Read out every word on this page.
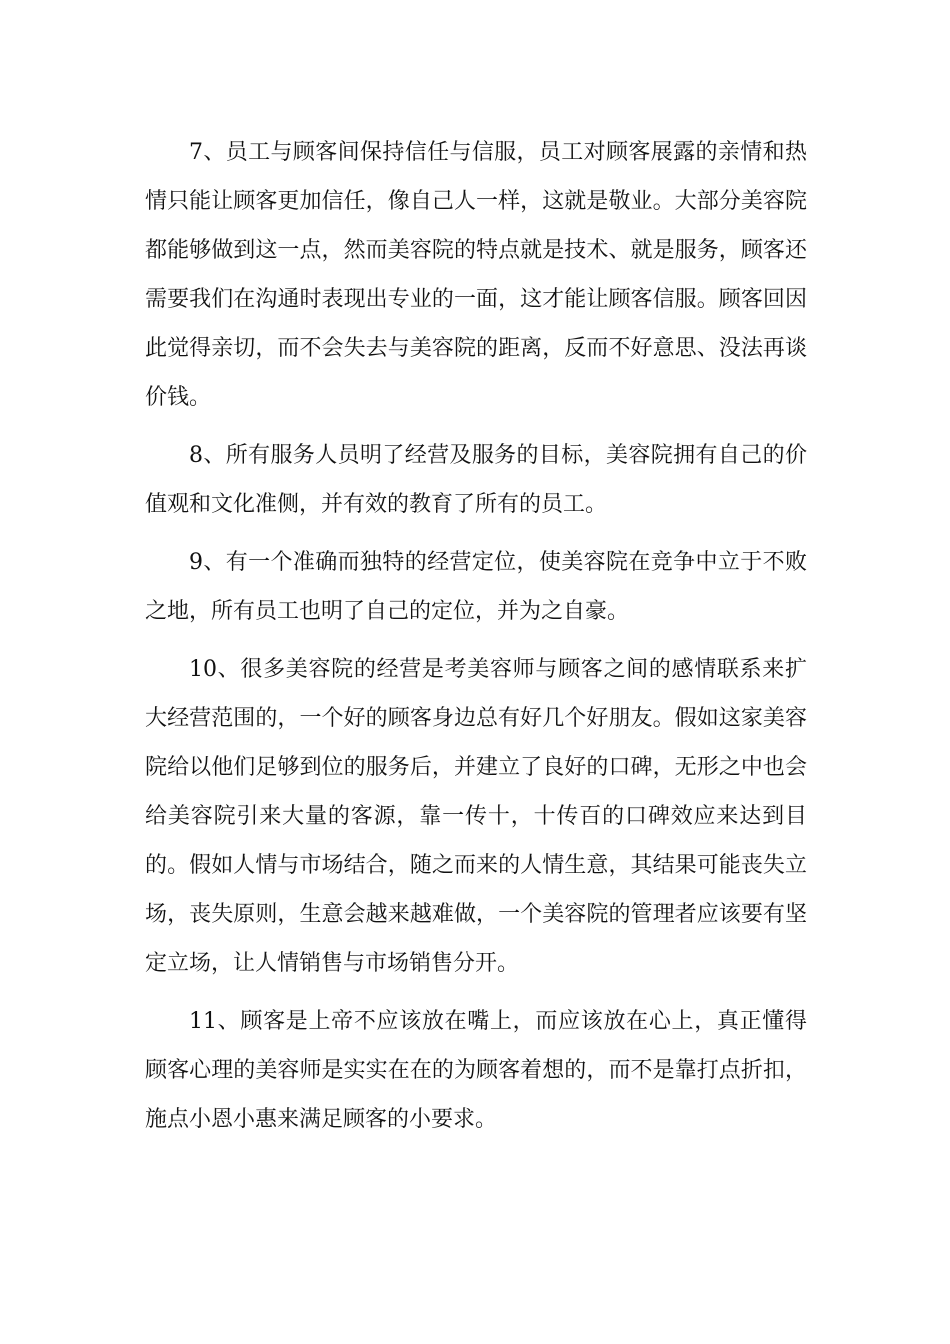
7、员工与顾客间保持信任与信服，员工对顾客展露的亲情和热情只能让顾客更加信任，像自己人一样，这就是敬业。大部分美容院都能够做到这一点，然而美容院的特点就是技术、就是服务，顾客还需要我们在沟通时表现出专业的一面，这才能让顾客信服。顾客回因此觉得亲切，而不会失去与美容院的距离，反而不好意思、没法再谈价钱。

8、所有服务人员明了经营及服务的目标，美容院拥有自己的价值观和文化准侧，并有效的教育了所有的员工。

9、有一个准确而独特的经营定位，使美容院在竞争中立于不败之地，所有员工也明了自己的定位，并为之自豪。

10、很多美容院的经营是考美容师与顾客之间的感情联系来扩大经营范围的，一个好的顾客身边总有好几个好朋友。假如这家美容院给以他们足够到位的服务后，并建立了良好的口碑，无形之中也会给美容院引来大量的客源，靠一传十，十传百的口碑效应来达到目的。假如人情与市场结合，随之而来的人情生意，其结果可能丧失立场，丧失原则，生意会越来越难做，一个美容院的管理者应该要有坚定立场，让人情销售与市场销售分开。

11、顾客是上帝不应该放在嘴上，而应该放在心上，真正懂得顾客心理的美容师是实实在在的为顾客着想的，而不是靠打点折扣，施点小恩小惠来满足顾客的小要求。
